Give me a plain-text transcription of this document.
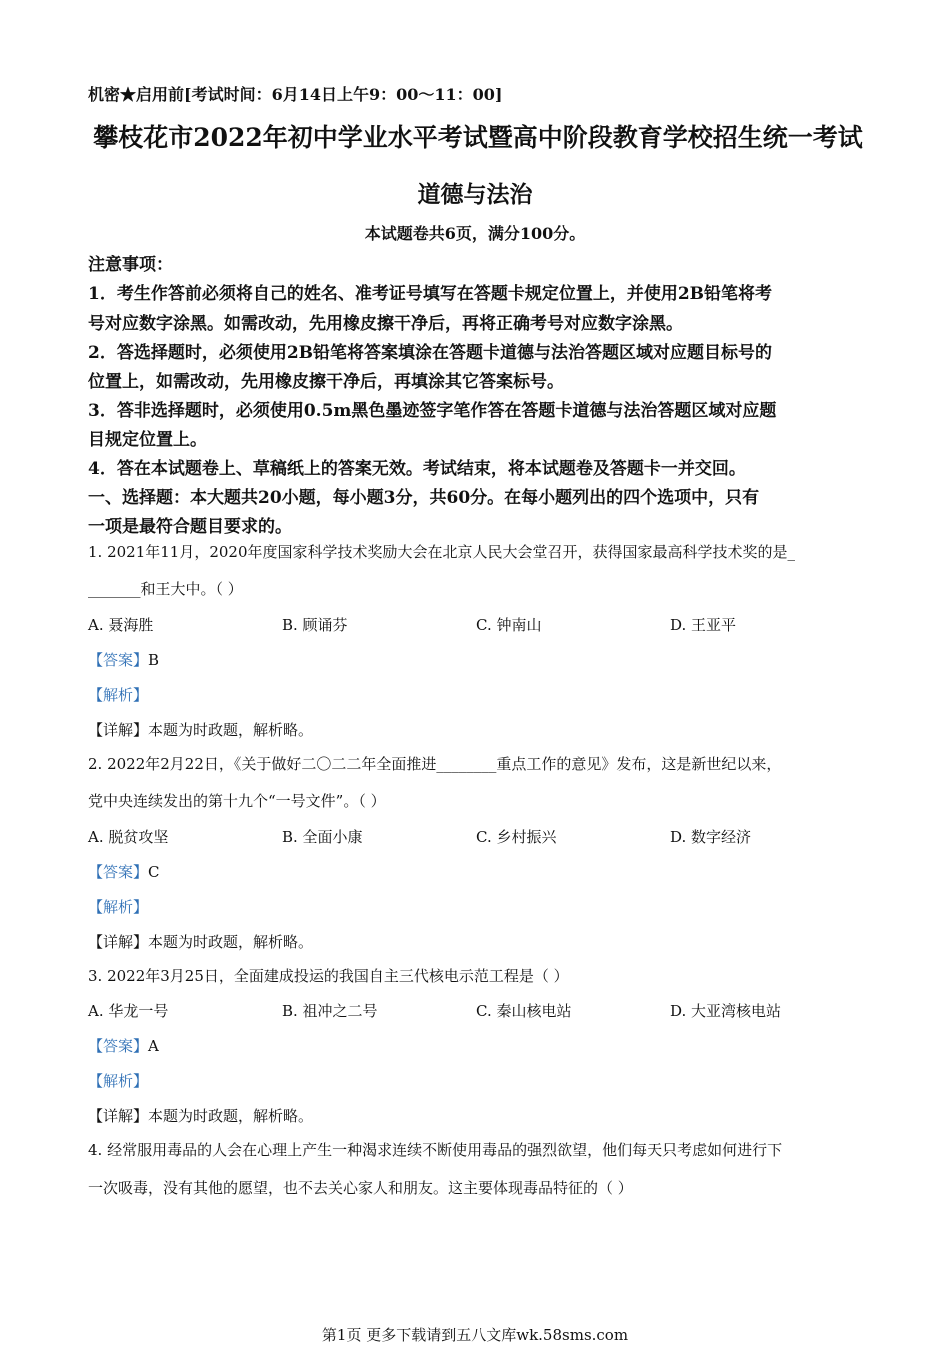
机密★启用前[考试时间：6月14日上午9：00～11：00]
攀枝花市2022年初中学业水平考试暨高中阶段教育学校招生统一考试
道德与法治
本试题卷共6页，满分100分。
注意事项：
1．考生作答前必须将自己的姓名、准考证号填写在答题卡规定位置上，并使用2B铅笔将考
号对应数字涂黑。如需改动，先用橡皮擦干净后，再将正确考号对应数字涂黑。
2．答选择题时，必须使用2B铅笔将答案填涂在答题卡道德与法治答题区域对应题目标号的
位置上，如需改动，先用橡皮擦干净后，再填涂其它答案标号。
3．答非选择题时，必须使用0.5m黑色墨迹签字笔作答在答题卡道德与法治答题区域对应题
目规定位置上。
4．答在本试题卷上、草稿纸上的答案无效。考试结束，将本试题卷及答题卡一并交回。
一、选择题：本大题共20小题，每小题3分，共60分。在每小题列出的四个选项中，只有
一项是最符合题目要求的。
1. 2021年11月，2020年度国家科学技术奖励大会在北京人民大会堂召开，获得国家最高科学技术奖的是_
_______和王大中。（ ）
A. 聂海胜	B. 顾诵芬	C. 钟南山	D. 王亚平
【答案】B
【解析】
【详解】本题为时政题，解析略。
2. 2022年2月22日，《关于做好二〇二二年全面推进________重点工作的意见》发布，这是新世纪以来，
党中央连续发出的第十九个“一号文件”。（ ）
A. 脱贫攻坚	B. 全面小康	C. 乡村振兴	D. 数字经济
【答案】C
【解析】
【详解】本题为时政题，解析略。
3. 2022年3月25日，全面建成投运的我国自主三代核电示范工程是（ ）
A. 华龙一号	B. 祖冲之二号	C. 秦山核电站	D. 大亚湾核电站
【答案】A
【解析】
【详解】本题为时政题，解析略。
4. 经常服用毒品的人会在心理上产生一种渴求连续不断使用毒品的强烈欲望，他们每天只考虑如何进行下
一次吸毒，没有其他的愿望，也不去关心家人和朋友。这主要体现毒品特征的（ ）
第1页 更多下载请到五八文库wk.58sms.com
